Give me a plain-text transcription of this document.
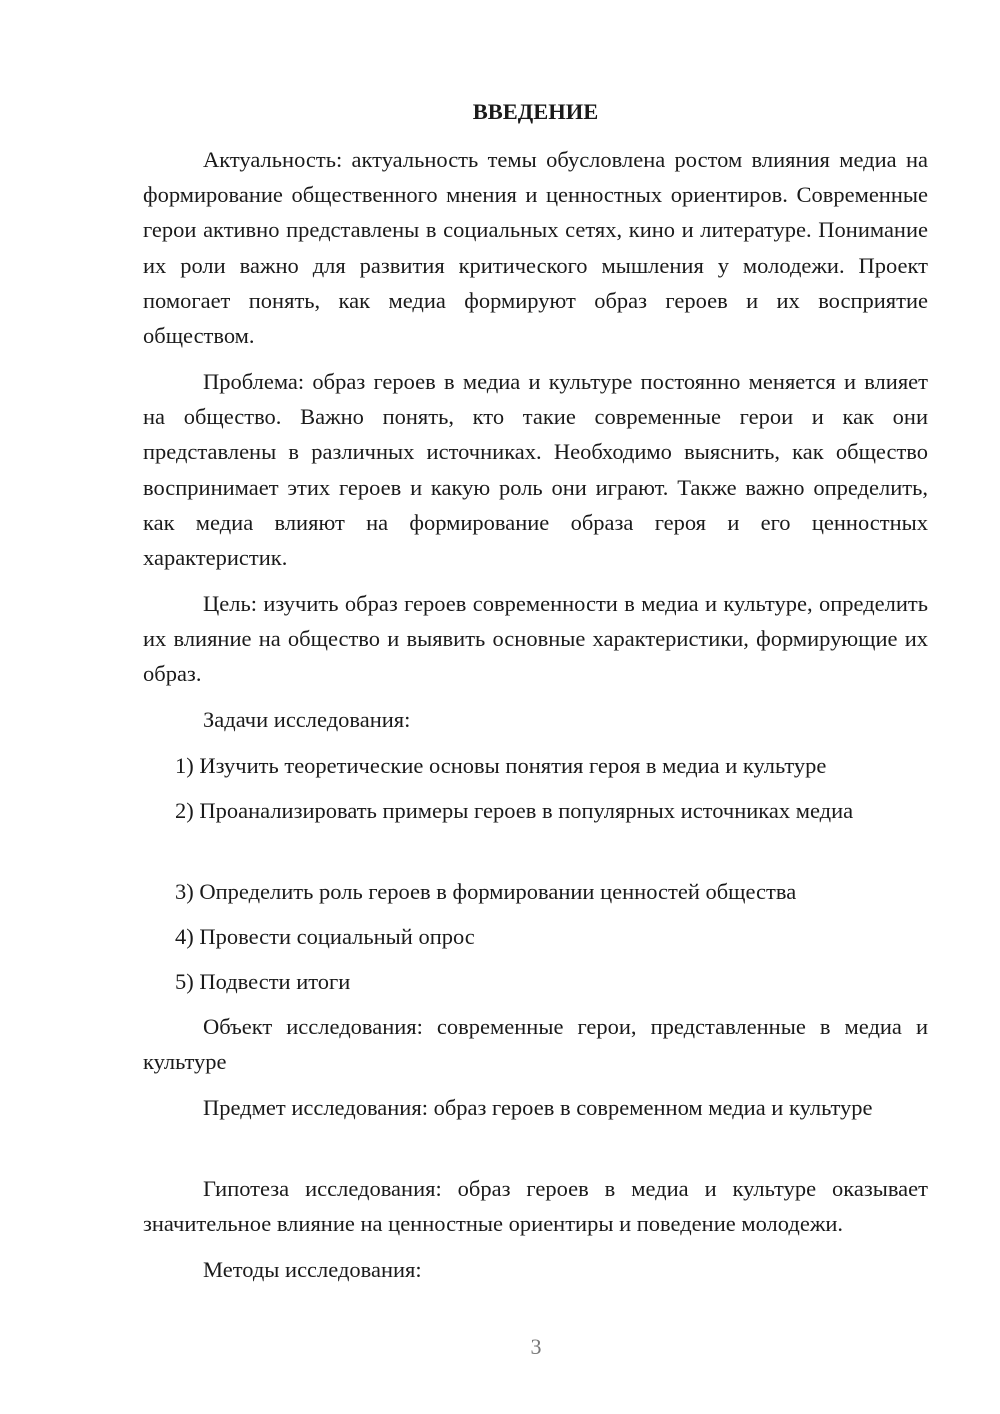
ВВЕДЕНИЕ

Актуальность: актуальность темы обусловлена ростом влияния медиа на формирование общественного мнения и ценностных ориентиров. Современные герои активно представлены в социальных сетях, кино и литературе. Понимание их роли важно для развития критического мышления у молодежи. Проект помогает понять, как медиа формируют образ героев и их восприятие обществом.

Проблема: образ героев в медиа и культуре постоянно меняется и влияет на общество. Важно понять, кто такие современные герои и как они представлены в различных источниках. Необходимо выяснить, как общество воспринимает этих героев и какую роль они играют. Также важно определить, как медиа влияют на формирование образа героя и его ценностных характеристик.

Цель: изучить образ героев современности в медиа и культуре, определить их влияние на общество и выявить основные характеристики, формирующие их образ.

Задачи исследования:

1) Изучить теоретические основы понятия героя в медиа и культуре

2) Проанализировать примеры героев в популярных источниках медиа

3) Определить роль героев в формировании ценностей общества

4) Провести социальный опрос

5) Подвести итоги

Объект исследования: современные герои, представленные в медиа и культуре

Предмет исследования: образ героев в современном медиа и культуре

Гипотеза исследования: образ героев в медиа и культуре оказывает значительное влияние на ценностные ориентиры и поведение молодежи.

Методы исследования:

3
